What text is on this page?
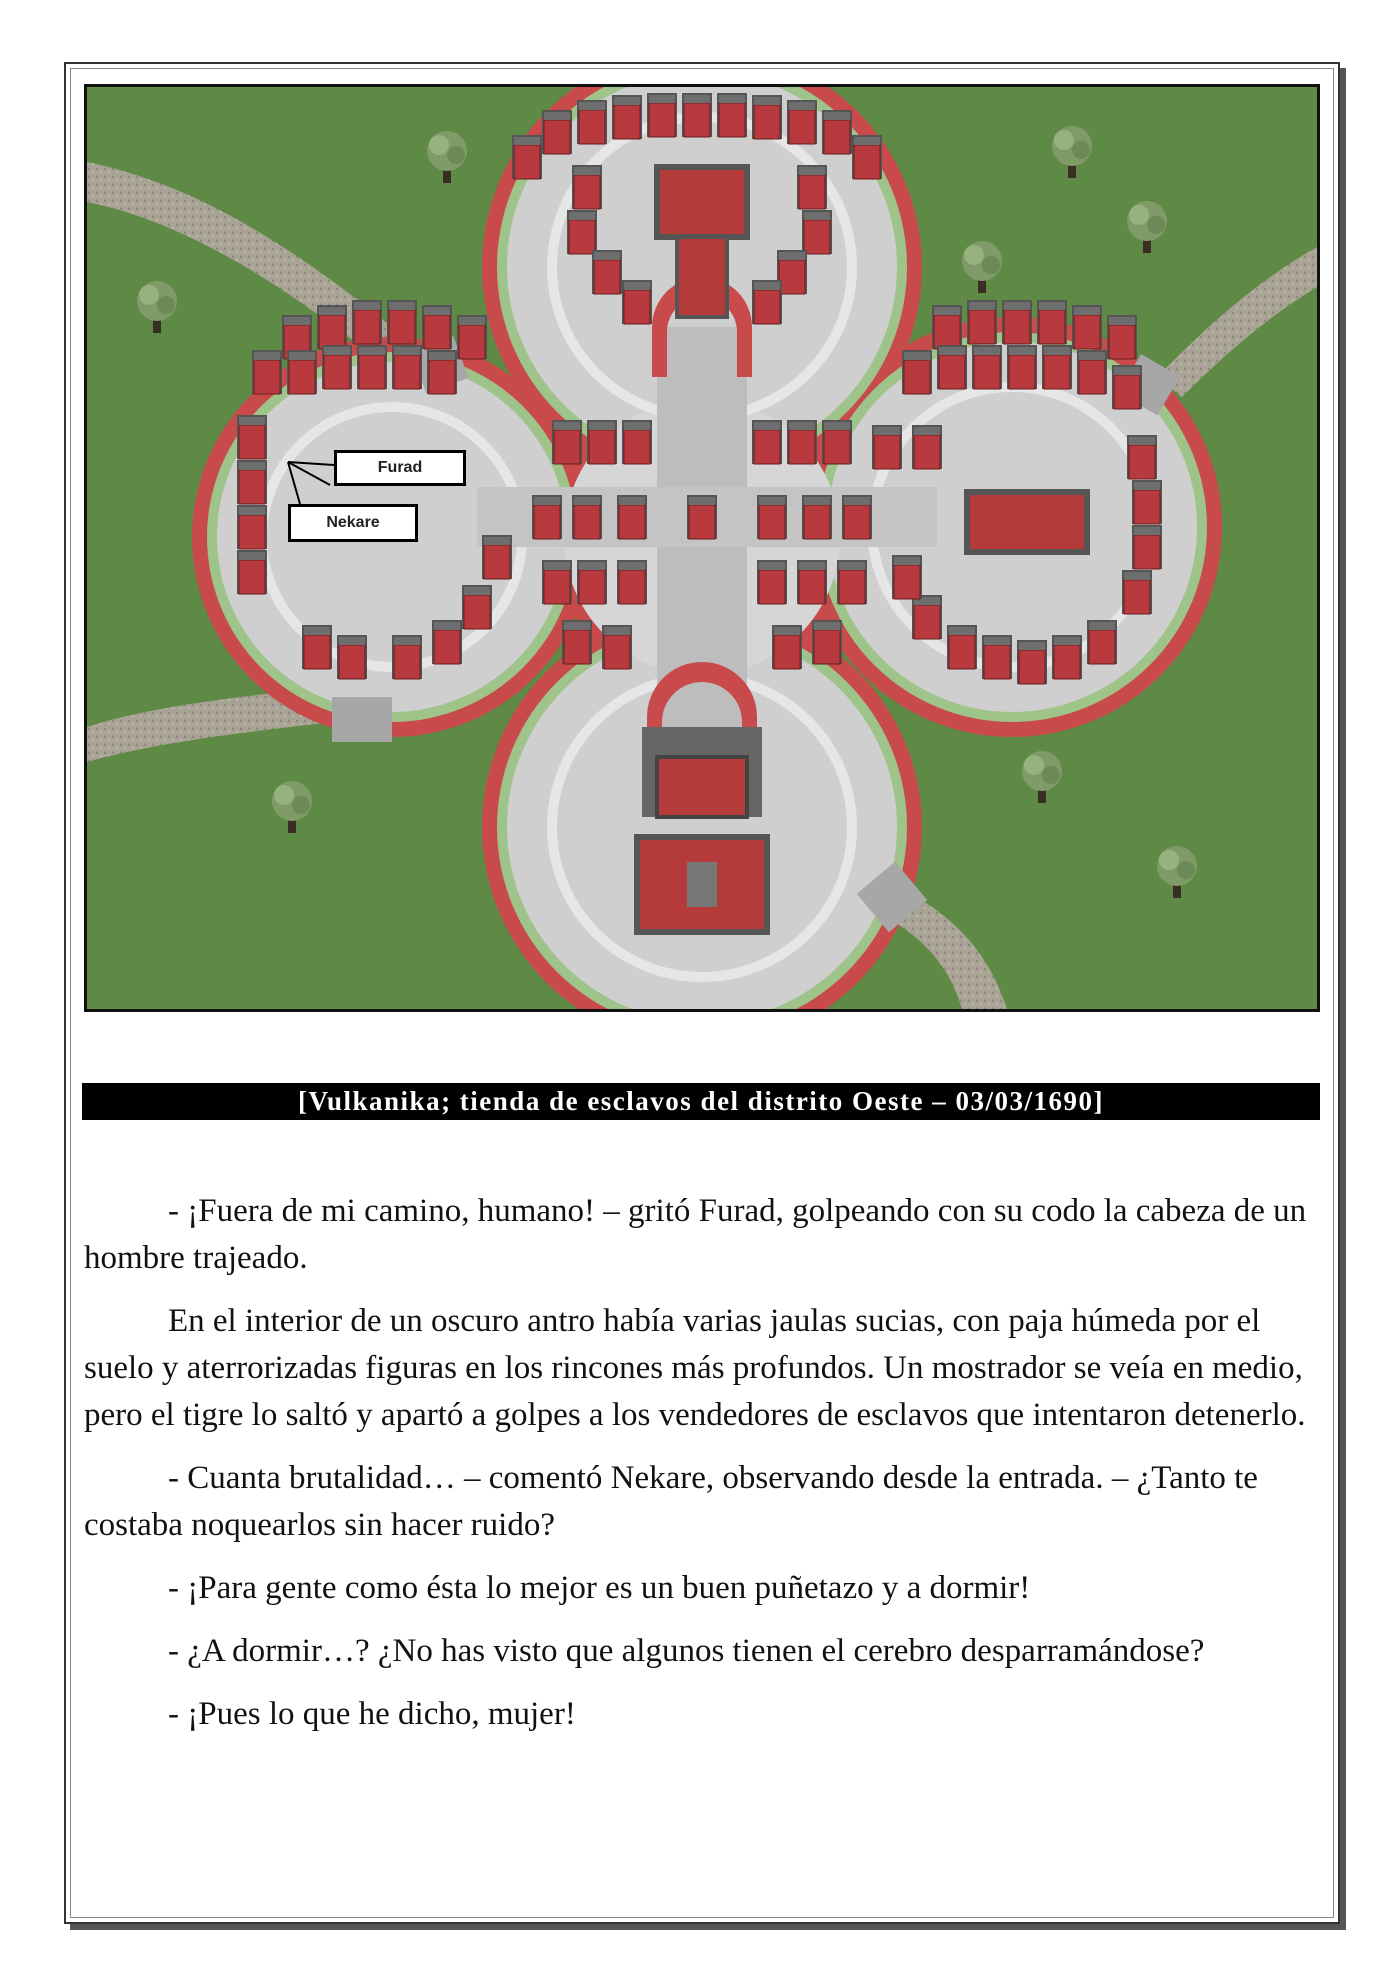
Furad
Nekare
[Vulkanika; tienda de esclavos del distrito Oeste – 03/03/1690]

- ¡Fuera de mi camino, humano! – gritó Furad, golpeando con su codo la cabeza de un hombre trajeado.

En el interior de un oscuro antro había varias jaulas sucias, con paja húmeda por el suelo y aterrorizadas figuras en los rincones más profundos. Un mostrador se veía en medio, pero el tigre lo saltó y apartó a golpes a los vendedores de esclavos que intentaron detenerlo.

- Cuanta brutalidad… – comentó Nekare, observando desde la entrada. – ¿Tanto te costaba noquearlos sin hacer ruido?

- ¡Para gente como ésta lo mejor es un buen puñetazo y a dormir!

- ¿A dormir…? ¿No has visto que algunos tienen el cerebro desparramándose?

- ¡Pues lo que he dicho, mujer!
